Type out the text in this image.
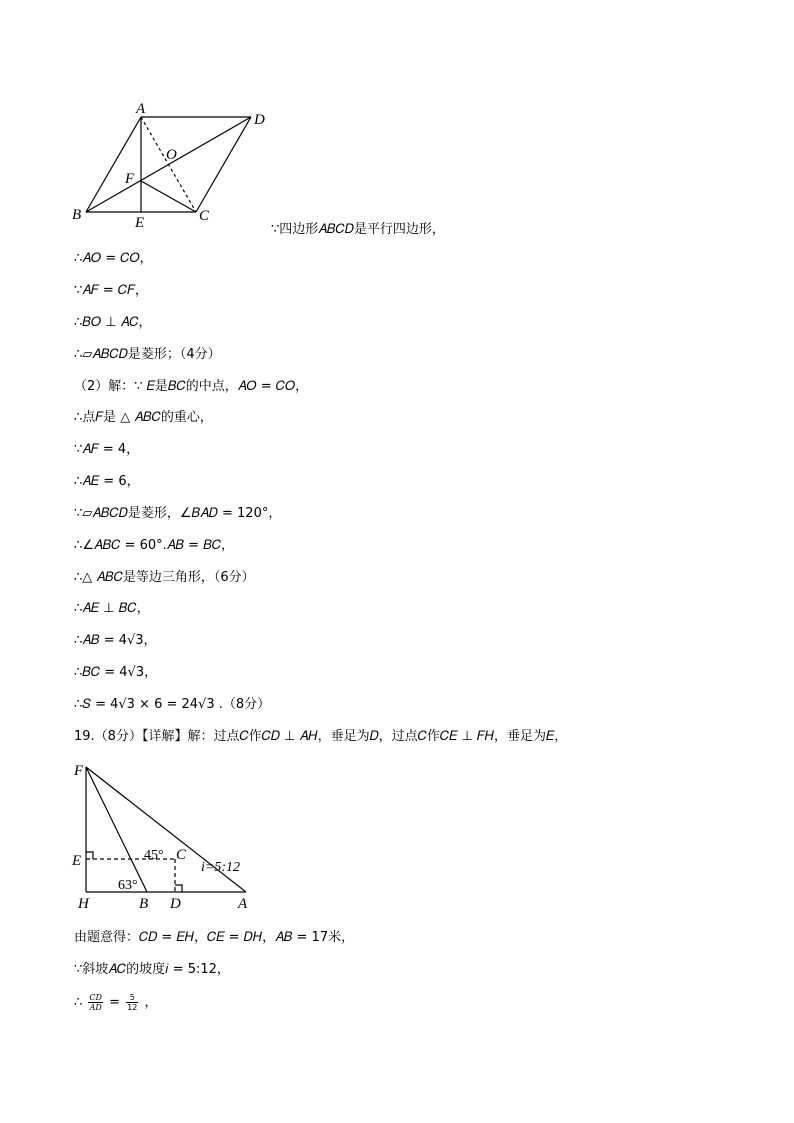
A
D
O
F
B	E	C
∵四边形𝐴𝐵𝐶𝐷是平行四边形，
∴𝐴𝑂 = 𝐶𝑂，
∵𝐴𝐹 = 𝐶𝐹，
∴𝐵𝑂 ⊥ 𝐴𝐶，
∴▱𝐴𝐵𝐶𝐷是菱形；（4分）
（2）解：∵ 𝐸是𝐵𝐶的中点，𝐴𝑂 = 𝐶𝑂，
∴点𝐹是 △ 𝐴𝐵𝐶的重心，
∵𝐴𝐹 = 4，
∴𝐴𝐸 = 6，
∵▱𝐴𝐵𝐶𝐷是菱形，∠𝐵𝐴𝐷 = 120°，
∴∠𝐴𝐵𝐶 = 60°.𝐴𝐵 = 𝐵𝐶，
∴△ 𝐴𝐵𝐶是等边三角形，（6分）
∴𝐴𝐸 ⊥ 𝐵𝐶，
∴𝐴𝐵 = 4√3，
∴𝐵𝐶 = 4√3，
∴𝑆 = 4√3 × 6 = 24√3 .（8分）
19.（8分）【详解】解：过点𝐶作𝐶𝐷 ⊥ 𝐴𝐻，垂足为𝐷，过点𝐶作𝐶𝐸 ⊥ 𝐹𝐻，垂足为𝐸，
F
E	C
H	B D	A
45°
63°
i=5:12
由题意得：𝐶𝐷 = 𝐸𝐻，𝐶𝐸 = 𝐷𝐻，𝐴𝐵 = 17米，
∵斜坡𝐴𝐶的坡度𝑖 = 5:12，
∴ $\frac{CD}{AD} = \frac{5}{12}$ ，
